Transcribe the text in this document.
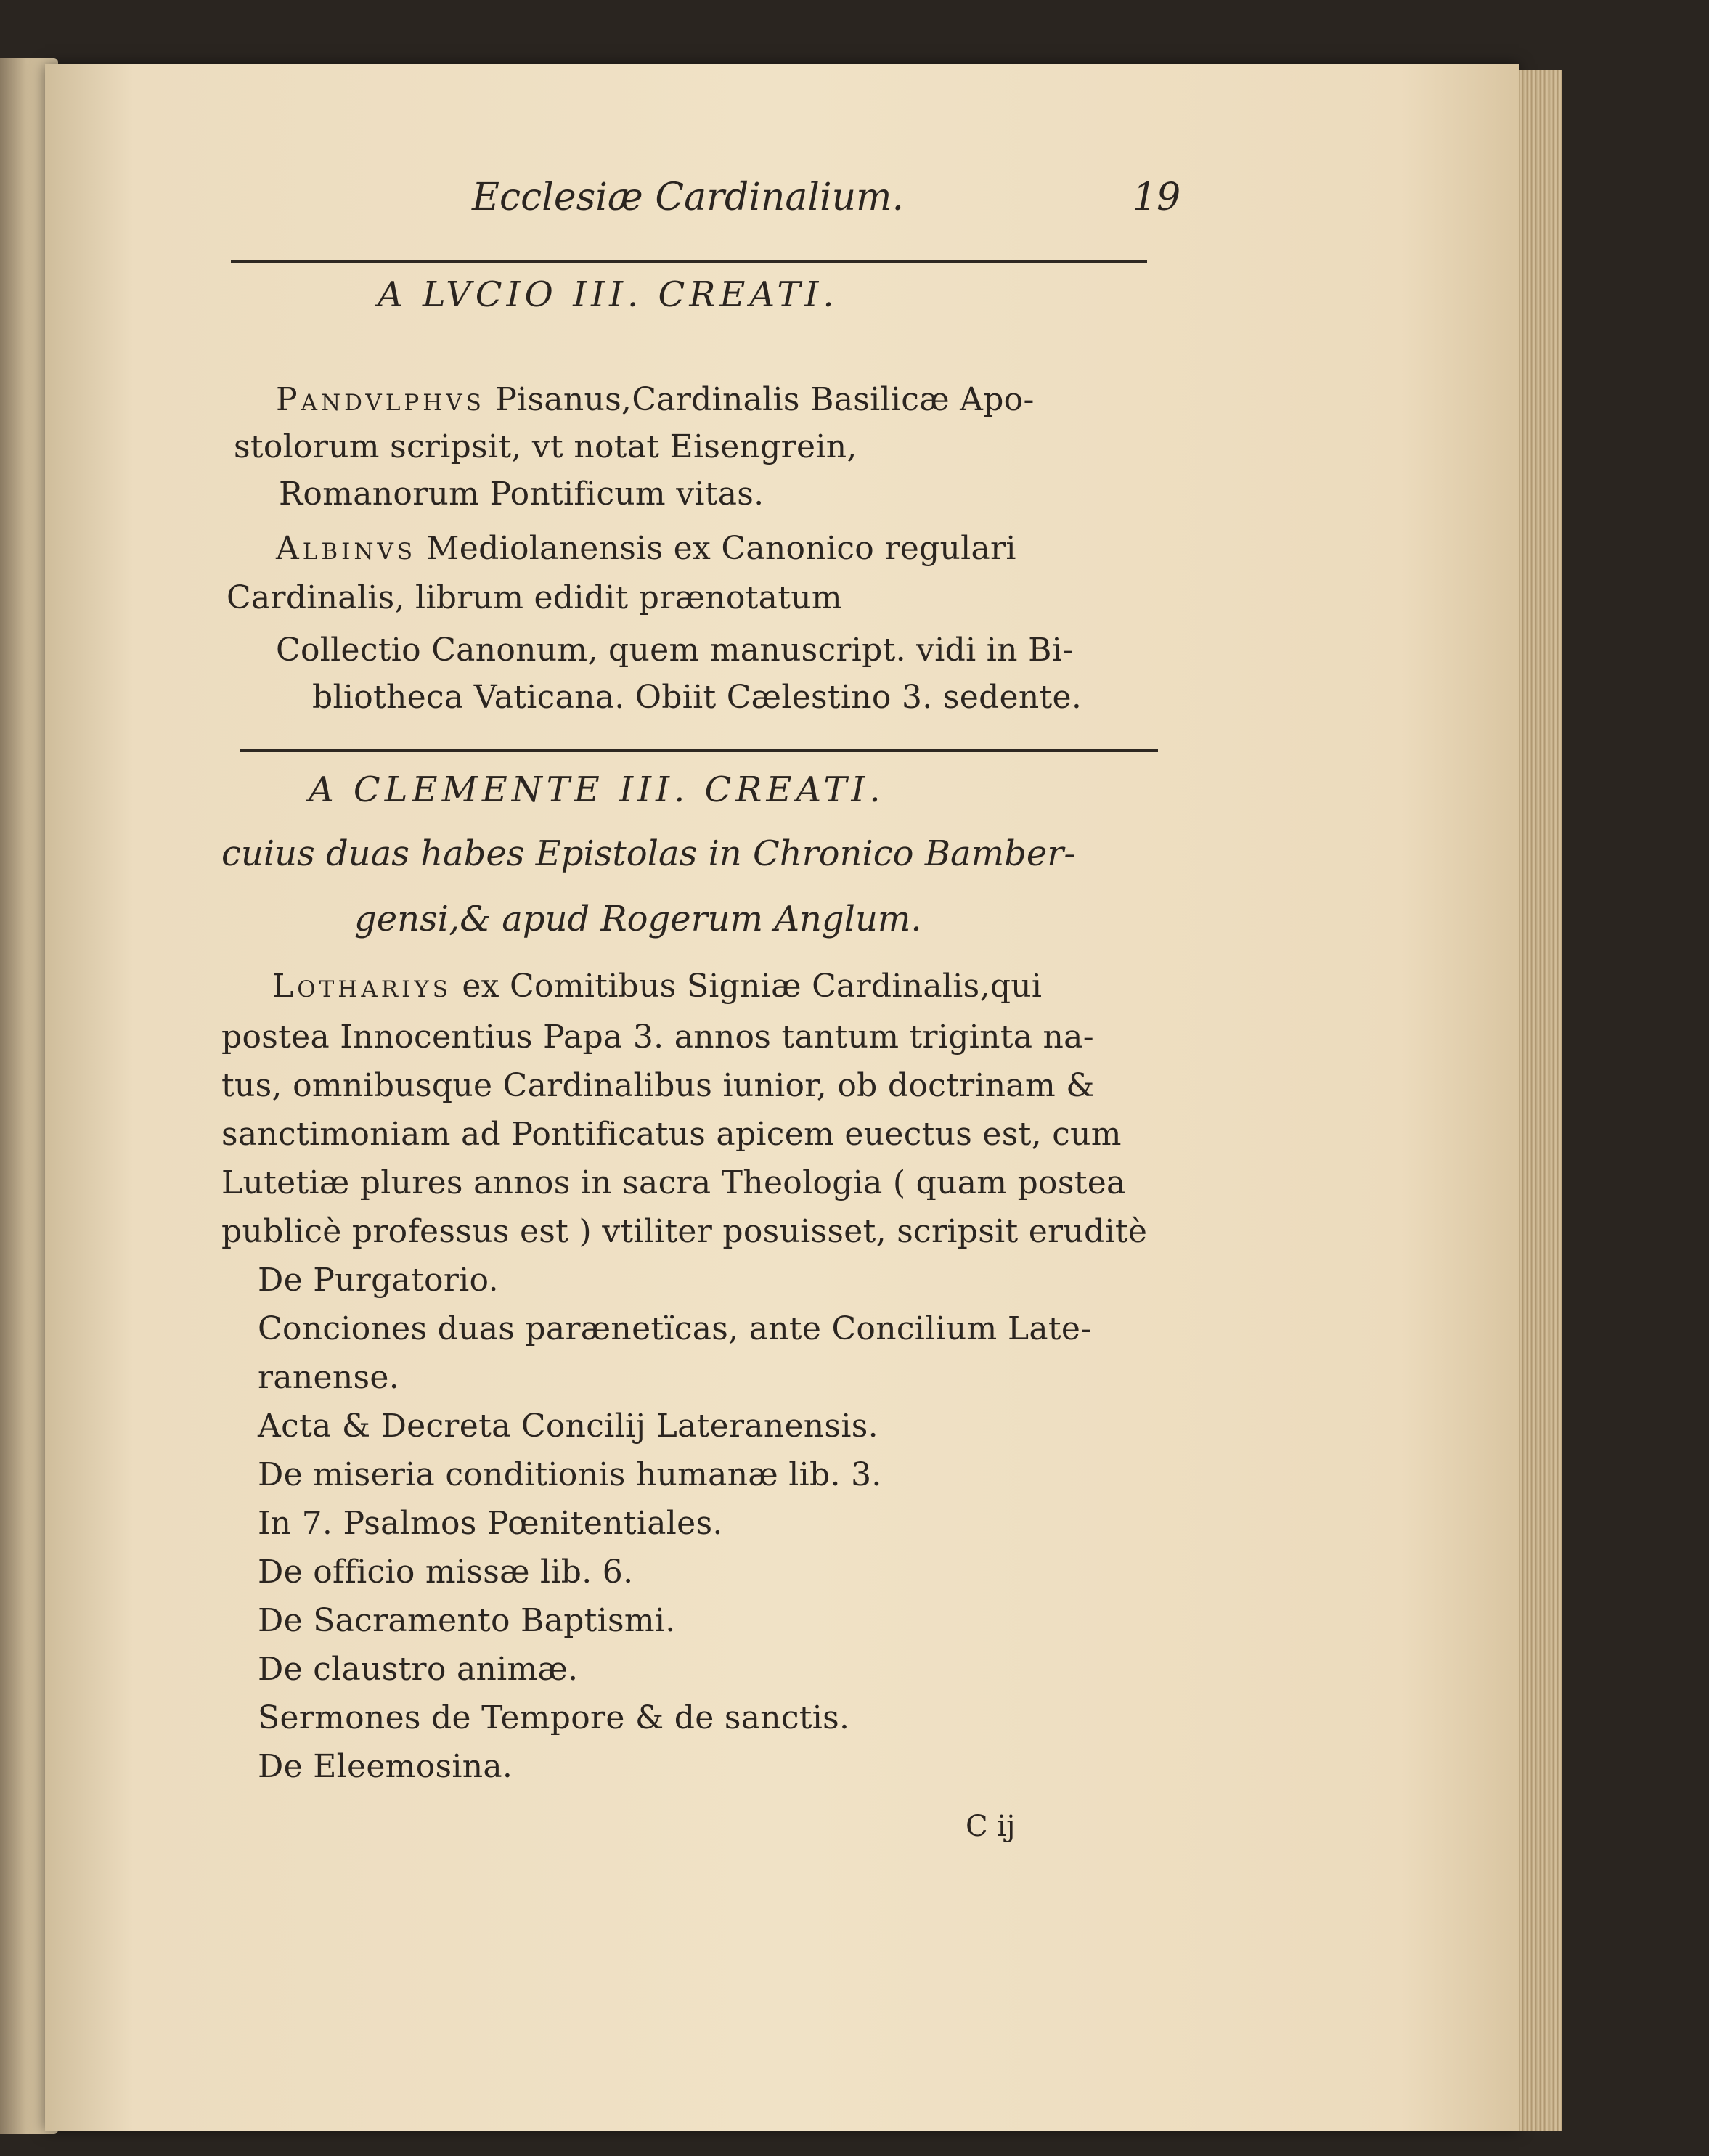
Ecclesiæ Cardinalium.	19
A LVCIO III. CREATI.
Pandvlphvs Pisanus,Cardinalis Basilicæ Apo-
stolorum scripsit, vt notat Eisengrein,
Romanorum Pontificum vitas.
Albinvs Mediolanensis ex Canonico regulari
Cardinalis, librum edidit prænotatum
Collectio Canonum, quem manuscript. vidi in Bi-
bliotheca Vaticana. Obiit Cælestino 3. sedente.
A CLEMENTE III. CREATI.
cuius duas habes Epistolas in Chronico Bamber-
gensi,& apud Rogerum Anglum.
Lothariys ex Comitibus Signiæ Cardinalis,qui
postea Innocentius Papa 3. annos tantum triginta na-
tus, omnibusque Cardinalibus iunior, ob doctrinam &
sanctimoniam ad Pontificatus apicem euectus est, cum
Lutetiæ plures annos in sacra Theologia ( quam postea
publicè professus est ) vtiliter posuisset, scripsit eruditè
De Purgatorio.
Conciones duas parænetïcas, ante Concilium Late-
ranense.
Acta & Decreta Concilij Lateranensis.
De miseria conditionis humanæ lib. 3.
In 7. Psalmos Pœnitentiales.
De officio missæ lib. 6.
De Sacramento Baptismi.
De claustro animæ.
Sermones de Tempore & de sanctis.
De Eleemosina.
C ij
